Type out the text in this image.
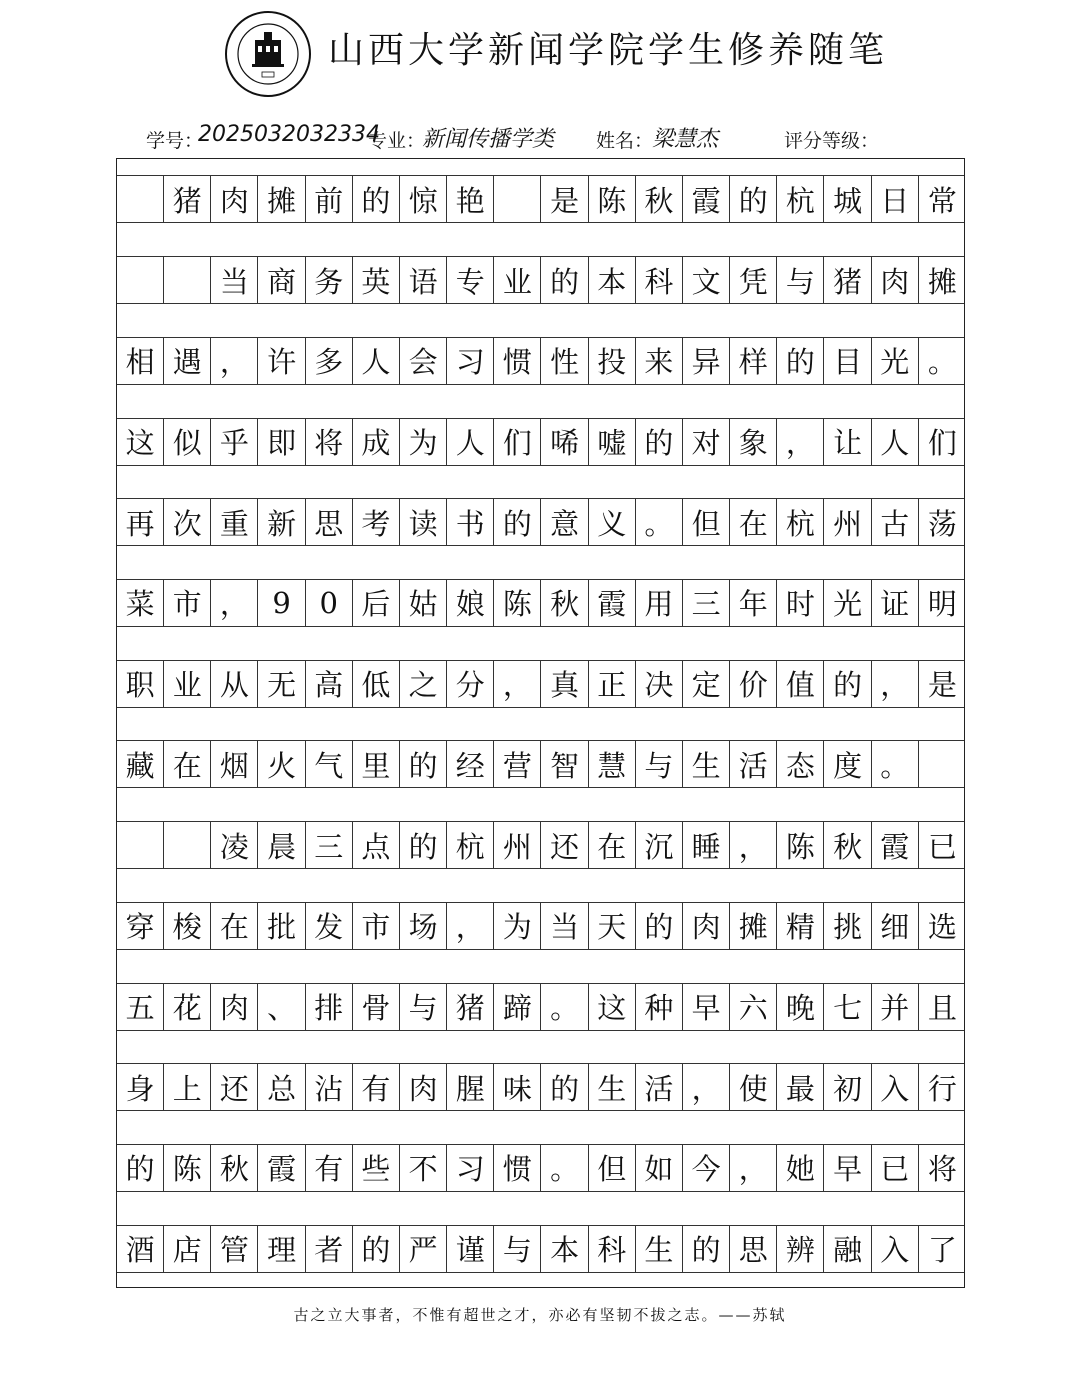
山西大学新闻学院学生修养随笔
学号：
2025032032334
专业：
新闻传播学类 姓名：
梁慧杰	评分等级：
猪 肉 摊 前 的 惊 艳	是 陈 秋 霞 的 杭 城 日 常
当 商 务 英 语 专 业 的 本 科 文 凭 与 猪 肉 摊
相 遇 ， 许 多 人 会 习 惯 性 投 来 异 样 的 目 光 。
这 似 乎 即 将 成 为 人 们 唏 嘘 的 对 象 ， 让 人 们
再 次 重 新 思 考 读 书 的 意 义 。 但 在 杭 州 古 荡
菜 市 ， 9 0 后 姑 娘 陈 秋 霞 用 三 年 时 光 证 明
职 业 从 无 高 低 之 分 ， 真 正 决 定 价 值 的 ， 是
藏 在 烟 火 气 里 的 经 营 智 慧 与 生 活 态 度 。
凌 晨 三 点 的 杭 州 还 在 沉 睡 ， 陈 秋 霞 已
穿 梭 在 批 发 市 场 ， 为 当 天 的 肉 摊 精 挑 细 选
五 花 肉 、 排 骨 与 猪 蹄 。 这 种 早 六 晚 七 并 且
身 上 还 总 沾 有 肉 腥 味 的 生 活 ， 使 最 初 入 行
的 陈 秋 霞 有 些 不 习 惯 。 但 如 今 ， 她 早 已 将
酒 店 管 理 者 的 严 谨 与 本 科 生 的 思 辨 融 入 了
古之立大事者，不惟有超世之才，亦必有坚韧不拔之志。——苏轼
